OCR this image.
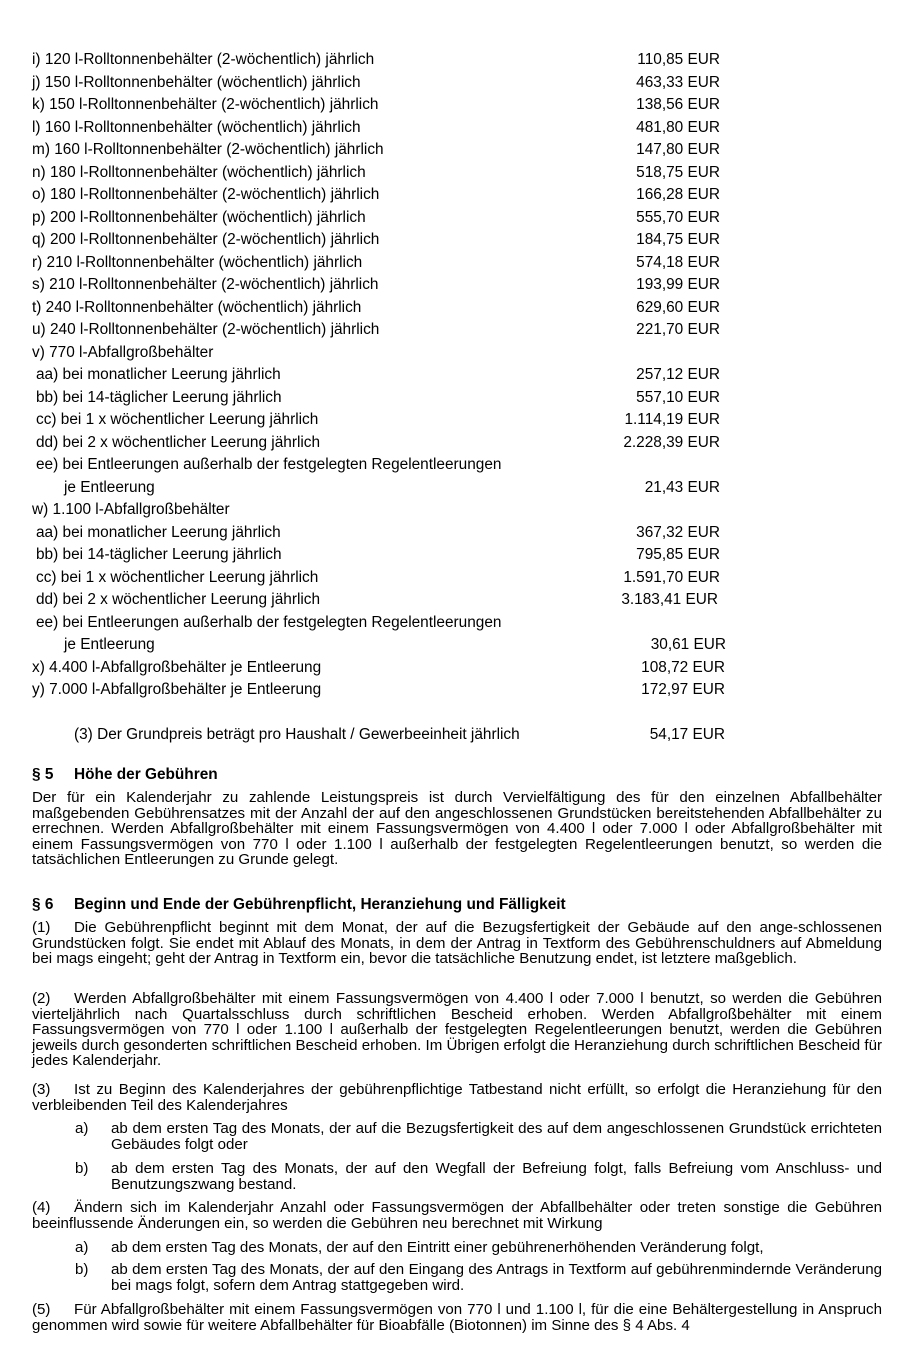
i) 120 l-Rolltonnenbehälter (2-wöchentlich) jährlich	110,85 EUR
j) 150 l-Rolltonnenbehälter (wöchentlich) jährlich	463,33 EUR
k) 150 l-Rolltonnenbehälter (2-wöchentlich) jährlich	138,56 EUR
l) 160 l-Rolltonnenbehälter (wöchentlich) jährlich	481,80 EUR
m) 160 l-Rolltonnenbehälter (2-wöchentlich) jährlich	147,80 EUR
n) 180 l-Rolltonnenbehälter (wöchentlich) jährlich	518,75 EUR
o) 180 l-Rolltonnenbehälter (2-wöchentlich) jährlich	166,28 EUR
p) 200 l-Rolltonnenbehälter (wöchentlich) jährlich	555,70 EUR
q) 200 l-Rolltonnenbehälter (2-wöchentlich) jährlich	184,75 EUR
r) 210 l-Rolltonnenbehälter (wöchentlich) jährlich	574,18 EUR
s) 210 l-Rolltonnenbehälter (2-wöchentlich) jährlich	193,99 EUR
t) 240 l-Rolltonnenbehälter (wöchentlich) jährlich	629,60 EUR
u) 240 l-Rolltonnenbehälter (2-wöchentlich) jährlich	221,70 EUR
v) 770 l-Abfallgroßbehälter
aa) bei monatlicher Leerung jährlich	257,12 EUR
bb) bei 14-täglicher Leerung jährlich	557,10 EUR
cc) bei 1 x wöchentlicher Leerung jährlich	1.114,19 EUR
dd) bei 2 x wöchentlicher Leerung jährlich	2.228,39 EUR
ee) bei Entleerungen außerhalb der festgelegten Regelentleerungen
je Entleerung	21,43 EUR
w) 1.100 l-Abfallgroßbehälter
aa) bei monatlicher Leerung jährlich	367,32 EUR
bb) bei 14-täglicher Leerung jährlich	795,85 EUR
cc) bei 1 x wöchentlicher Leerung jährlich	1.591,70 EUR
dd) bei 2 x wöchentlicher Leerung jährlich	3.183,41 EUR
ee) bei Entleerungen außerhalb der festgelegten Regelentleerungen
je Entleerung	30,61 EUR
x) 4.400 l-Abfallgroßbehälter je Entleerung	108,72 EUR
y) 7.000 l-Abfallgroßbehälter je Entleerung	172,97 EUR
(3) Der Grundpreis beträgt pro Haushalt / Gewerbeeinheit jährlich	54,17 EUR
§ 5 Höhe der Gebühren
Der für ein Kalenderjahr zu zahlende Leistungspreis ist durch Vervielfältigung des für den einzelnen Abfallbehälter maßgebenden Gebührensatzes mit der Anzahl der auf den angeschlossenen Grundstücken bereitstehenden Abfallbehälter zu errechnen. Werden Abfallgroßbehälter mit einem Fassungsvermögen von 4.400 l oder 7.000 l oder Abfallgroßbehälter mit einem Fassungsvermögen von 770 l oder 1.100 l außerhalb der festgelegten Regelentleerungen benutzt, so werden die tatsächlichen Entleerungen zu Grunde gelegt.
§ 6 Beginn und Ende der Gebührenpflicht, Heranziehung und Fälligkeit
(1) Die Gebührenpflicht beginnt mit dem Monat, der auf die Bezugsfertigkeit der Gebäude auf den ange-schlossenen Grundstücken folgt. Sie endet mit Ablauf des Monats, in dem der Antrag in Textform des Gebührenschuldners auf Abmeldung bei mags eingeht; geht der Antrag in Textform ein, bevor die tatsächliche Benutzung endet, ist letztere maßgeblich.
(2) Werden Abfallgroßbehälter mit einem Fassungsvermögen von 4.400 l oder 7.000 l benutzt, so werden die Gebühren vierteljährlich nach Quartalsschluss durch schriftlichen Bescheid erhoben. Werden Abfallgroßbehälter mit einem Fassungsvermögen von 770 l oder 1.100 l außerhalb der festgelegten Regelentleerungen benutzt, werden die Gebühren jeweils durch gesonderten schriftlichen Bescheid erhoben. Im Übrigen erfolgt die Heranziehung durch schriftlichen Bescheid für jedes Kalenderjahr.
(3) Ist zu Beginn des Kalenderjahres der gebührenpflichtige Tatbestand nicht erfüllt, so erfolgt die Heranziehung für den verbleibenden Teil des Kalenderjahres
a) ab dem ersten Tag des Monats, der auf die Bezugsfertigkeit des auf dem angeschlossenen Grundstück errichteten Gebäudes folgt oder
b) ab dem ersten Tag des Monats, der auf den Wegfall der Befreiung folgt, falls Befreiung vom Anschluss- und Benutzungszwang bestand.
(4) Ändern sich im Kalenderjahr Anzahl oder Fassungsvermögen der Abfallbehälter oder treten sonstige die Gebühren beeinflussende Änderungen ein, so werden die Gebühren neu berechnet mit Wirkung
a) ab dem ersten Tag des Monats, der auf den Eintritt einer gebührenerhöhenden Veränderung folgt,
b) ab dem ersten Tag des Monats, der auf den Eingang des Antrags in Textform auf gebührenmindernde Veränderung bei mags folgt, sofern dem Antrag stattgegeben wird.
(5) Für Abfallgroßbehälter mit einem Fassungsvermögen von 770 l und 1.100 l, für die eine Behältergestellung in Anspruch genommen wird sowie für weitere Abfallbehälter für Bioabfälle (Biotonnen) im Sinne des § 4 Abs. 4
